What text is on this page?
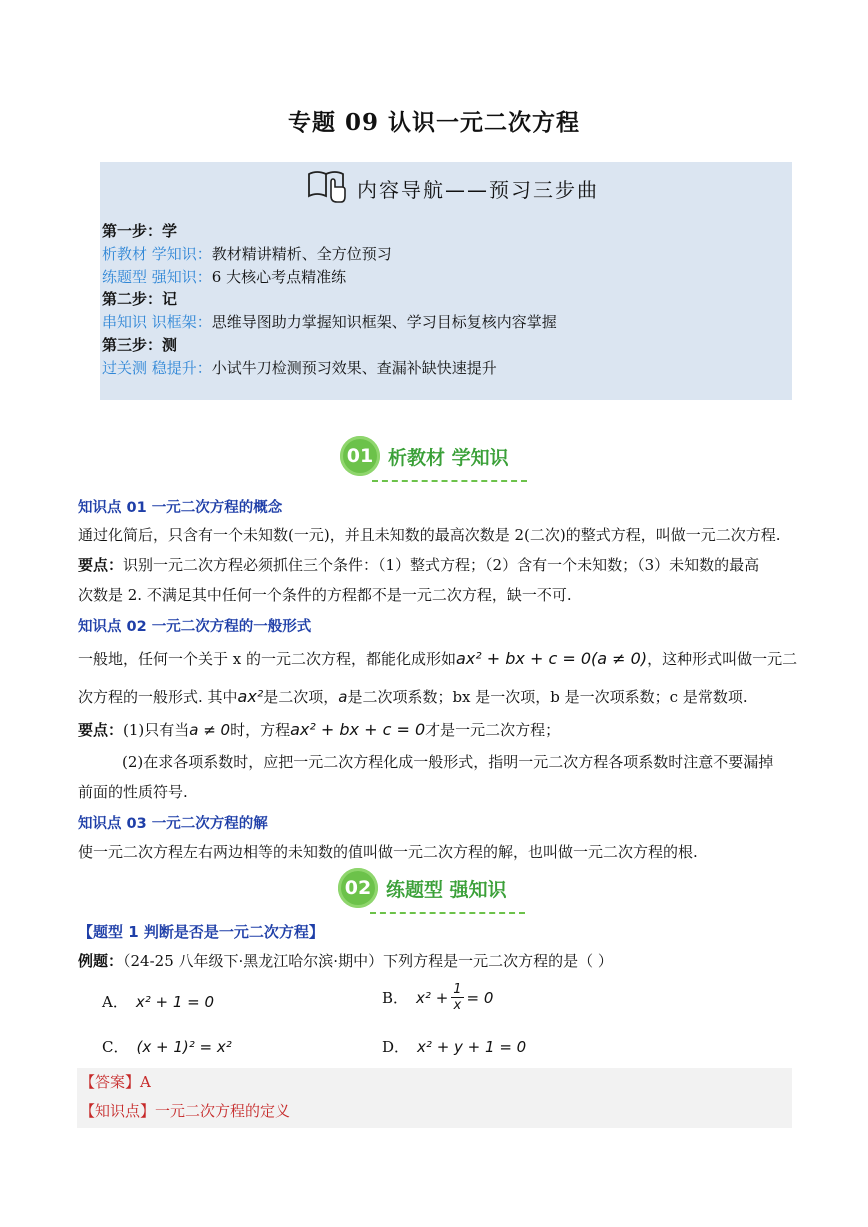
专题 09 认识一元二次方程
内容导航——预习三步曲
第一步：学
析教材 学知识：教材精讲精析、全方位预习
练题型 强知识：6 大核心考点精准练
第二步：记
串知识 识框架：思维导图助力掌握知识框架、学习目标复核内容掌握
第三步：测
过关测 稳提升：小试牛刀检测预习效果、查漏补缺快速提升
01 析教材 学知识
知识点 01 一元二次方程的概念
通过化简后，只含有一个未知数(一元)，并且未知数的最高次数是 2(二次)的整式方程，叫做一元二次方程.
要点：识别一元二次方程必须抓住三个条件：（1）整式方程；（2）含有一个未知数；（3）未知数的最高
次数是 2. 不满足其中任何一个条件的方程都不是一元二次方程，缺一不可.
知识点 02 一元二次方程的一般形式
一般地，任何一个关于 x 的一元二次方程，都能化成形如ax² + bx + c = 0(a ≠ 0)，这种形式叫做一元二
次方程的一般形式. 其中ax²是二次项，a是二次项系数；bx 是一次项，b 是一次项系数；c 是常数项.
要点：(1)只有当a ≠ 0时，方程ax² + bx + c = 0才是一元二次方程；
(2)在求各项系数时，应把一元二次方程化成一般形式，指明一元二次方程各项系数时注意不要漏掉
前面的性质符号.
知识点 03 一元二次方程的解
使一元二次方程左右两边相等的未知数的值叫做一元二次方程的解，也叫做一元二次方程的根.
02 练题型 强知识
【题型 1 判断是否是一元二次方程】
例题：（24-25 八年级下·黑龙江哈尔滨·期中）下列方程是一元二次方程的是（ ）
A． x² + 1 = 0	B． $x^2 + \frac{1}{x} = 0$
C． (x + 1)² = x²	D． x² + y + 1 = 0
【答案】A
【知识点】一元二次方程的定义
